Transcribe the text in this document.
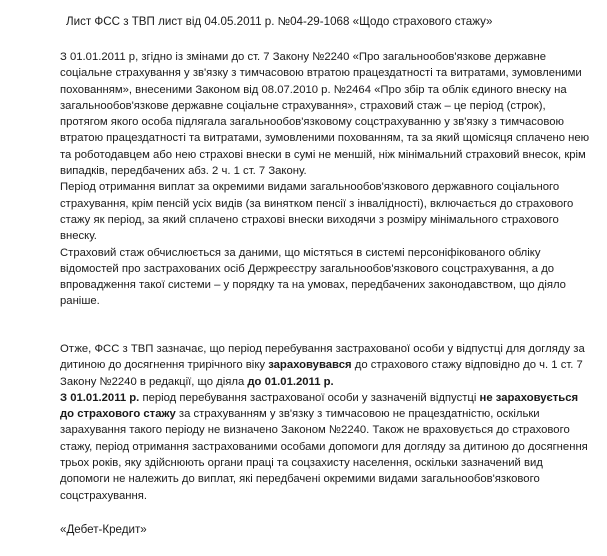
Лист ФСС з ТВП лист від 04.05.2011 р. №04-29-1068 «Щодо страхового стажу»

З 01.01.2011 р, згідно із змінами до ст. 7 Закону №2240 «Про загальнообов'язкове державне соціальне страхування у зв'язку з тимчасовою втратою працездатності та витратами, зумовленими похованням», внесеними Законом від 08.07.2010 р. №2464 «Про збір та облік єдиного внеску на загальнообов'язкове державне соціальне страхування», страховий стаж – це період (строк), протягом якого особа підлягала загальнообов'язковому соцстрахуванню у зв'язку з тимчасовою втратою працездатності та витратами, зумовленими похованням, та за який щомісяця сплачено нею та роботодавцем або нею страхові внески в сумі не меншій, ніж мінімальний страховий внесок, крім випадків, передбачених абз. 2 ч. 1 ст. 7 Закону.

Період отримання виплат за окремими видами загальнообов'язкового державного соціального страхування, крім пенсій усіх видів (за винятком пенсії з інвалідності), включається до страхового стажу як період, за який сплачено страхові внески виходячи з розміру мінімального страхового внеску.

Страховий стаж обчислюється за даними, що містяться в системі персоніфікованого обліку відомостей про застрахованих осіб Держреєстру загальнообов'язкового соцстрахування, а до впровадження такої системи – у порядку та на умовах, передбачених законодавством, що діяло раніше.

Отже, ФСС з ТВП зазначає, що період перебування застрахованої особи у відпустці для догляду за дитиною до досягнення трирічного віку зараховувався до страхового стажу відповідно до ч. 1 ст. 7 Закону №2240 в редакції, що діяла до 01.01.2011 р.

З 01.01.2011 р. період перебування застрахованої особи у зазначеній відпустці не зараховується до страхового стажу за страхуванням у зв'язку з тимчасовою не працездатністю, оскільки зарахування такого періоду не визначено Законом №2240. Також не враховується до страхового стажу, період отримання застрахованими особами допомоги для догляду за дитиною до досягнення трьох років, яку здійснюють органи праці та соцзахисту населення, оскільки зазначений вид допомоги не належить до виплат, які передбачені окремими видами загальнообов'язкового соцстрахування.

«Дебет-Кредит»
